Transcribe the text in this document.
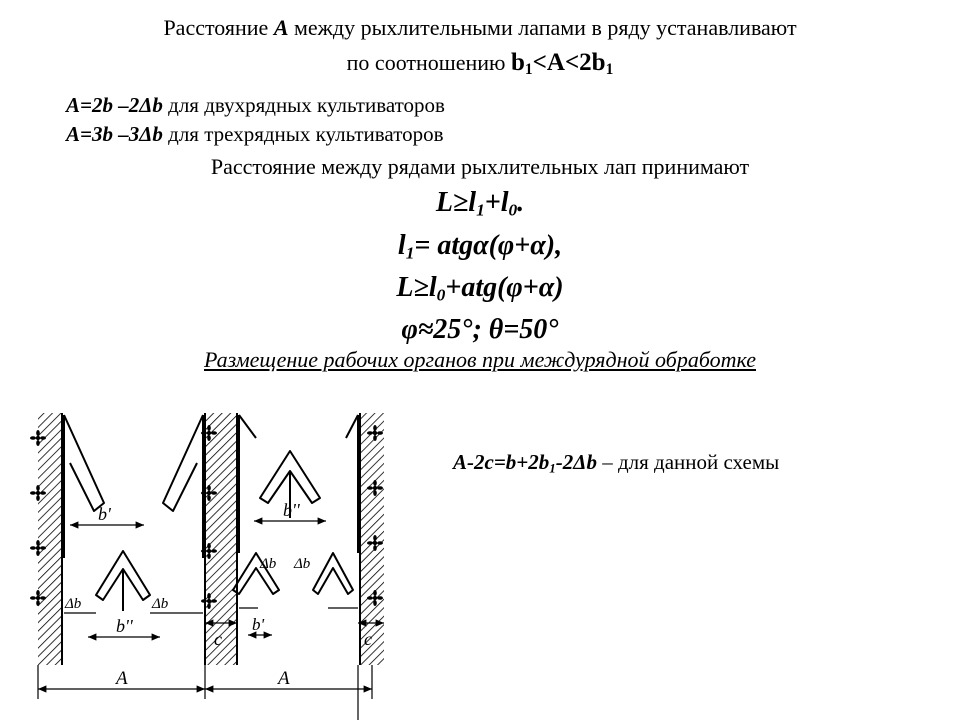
Расстояние А между рыхлительными лапами в ряду устанавливают
по соотношению $b_1<A<2b_1$
A=2b –2Δb для двухрядных культиваторов
A=3b –3Δb для трехрядных культиваторов
Расстояние между рядами рыхлительных лап принимают
$L\ge l_1+l_0$.
$l_1= atg\alpha(\varphi+\alpha)$,
$L\ge l_0+atg(\varphi+\alpha)$
φ≈25°; θ=50°
Размещение рабочих органов при междурядной обработке
b'	b''
b''	b'
Δb	Δb
Δb Δb
c	c
A	A
$A-2c=b+2b_1-2\Delta b$ – для данной схемы
